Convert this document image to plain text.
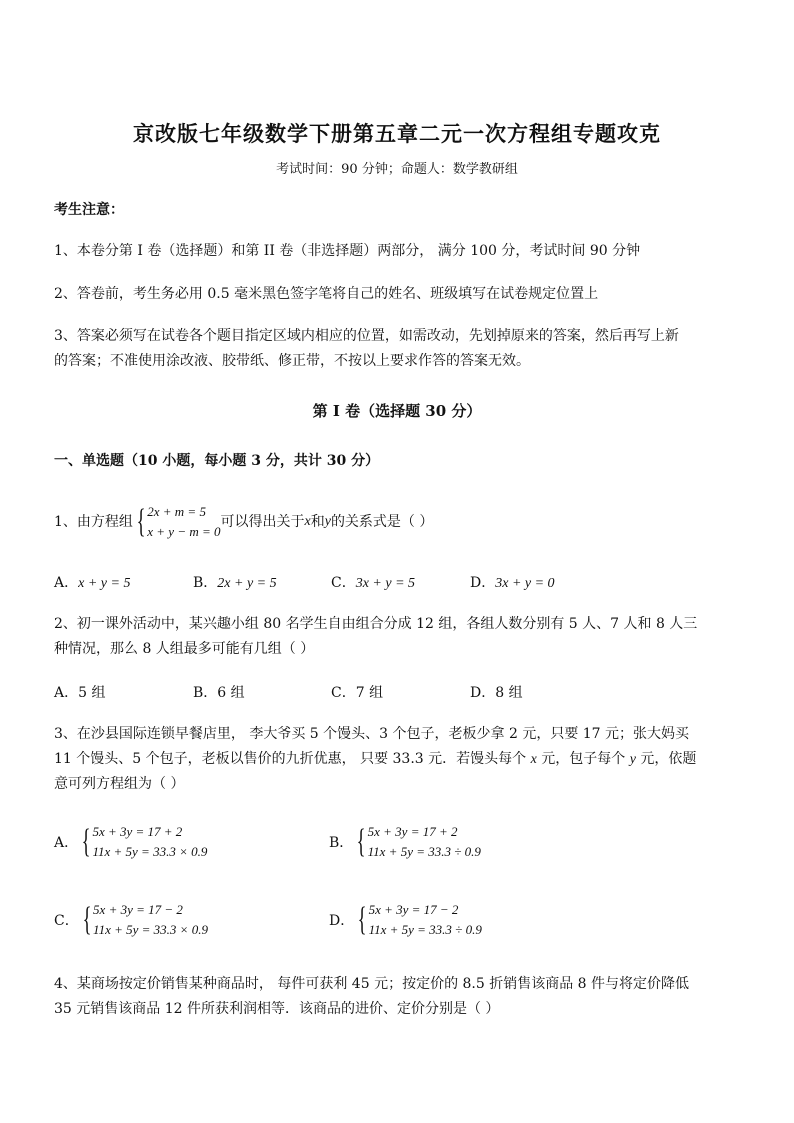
京改版七年级数学下册第五章二元一次方程组专题攻克
考试时间：90 分钟；命题人：数学教研组
考生注意：
1、本卷分第 I 卷（选择题）和第 II 卷（非选择题）两部分， 满分 100 分，考试时间 90 分钟
2、答卷前，考生务必用 0.5 毫米黑色签字笔将自己的姓名、班级填写在试卷规定位置上
3、答案必须写在试卷各个题目指定区域内相应的位置，如需改动，先划掉原来的答案，然后再写上新
的答案；不准使用涂改液、胶带纸、修正带，不按以上要求作答的答案无效。
第 I 卷（选择题 30 分）
一、单选题（10 小题，每小题 3 分，共计 30 分）
1、由方程组 { 2x + m = 5
x + y − m = 0
可以得出关于 x 和 y 的关系式是（ ）
A．x + y = 5	B．2x + y = 5	C．3x + y = 5	D．3x + y = 0
2、初一课外活动中，某兴趣小组 80 名学生自由组合分成 12 组，各组人数分别有 5 人、7 人和 8 人三
种情况，那么 8 人组最多可能有几组（ ）
A．5 组	B．6 组	C．7 组	D．8 组
3、在沙县国际连锁早餐店里， 李大爷买 5 个馒头、3 个包子，老板少拿 2 元，只要 17 元；张大妈买
11 个馒头、5 个包子，老板以售价的九折优惠， 只要 33.3 元．若馒头每个 x 元，包子每个 y 元，依题
意可列方程组为（ ）
A． { 5x + 3y = 17 + 2
11x + 5y = 33.3 × 0.9
B． { 5x + 3y = 17 + 2
11x + 5y = 33.3 ÷ 0.9
C． { 5x + 3y = 17 − 2
11x + 5y = 33.3 × 0.9
D． { 5x + 3y = 17 − 2
11x + 5y = 33.3 ÷ 0.9
4、某商场按定价销售某种商品时， 每件可获利 45 元；按定价的 8.5 折销售该商品 8 件与将定价降低
35 元销售该商品 12 件所获利润相等．该商品的进价、定价分别是（ ）
